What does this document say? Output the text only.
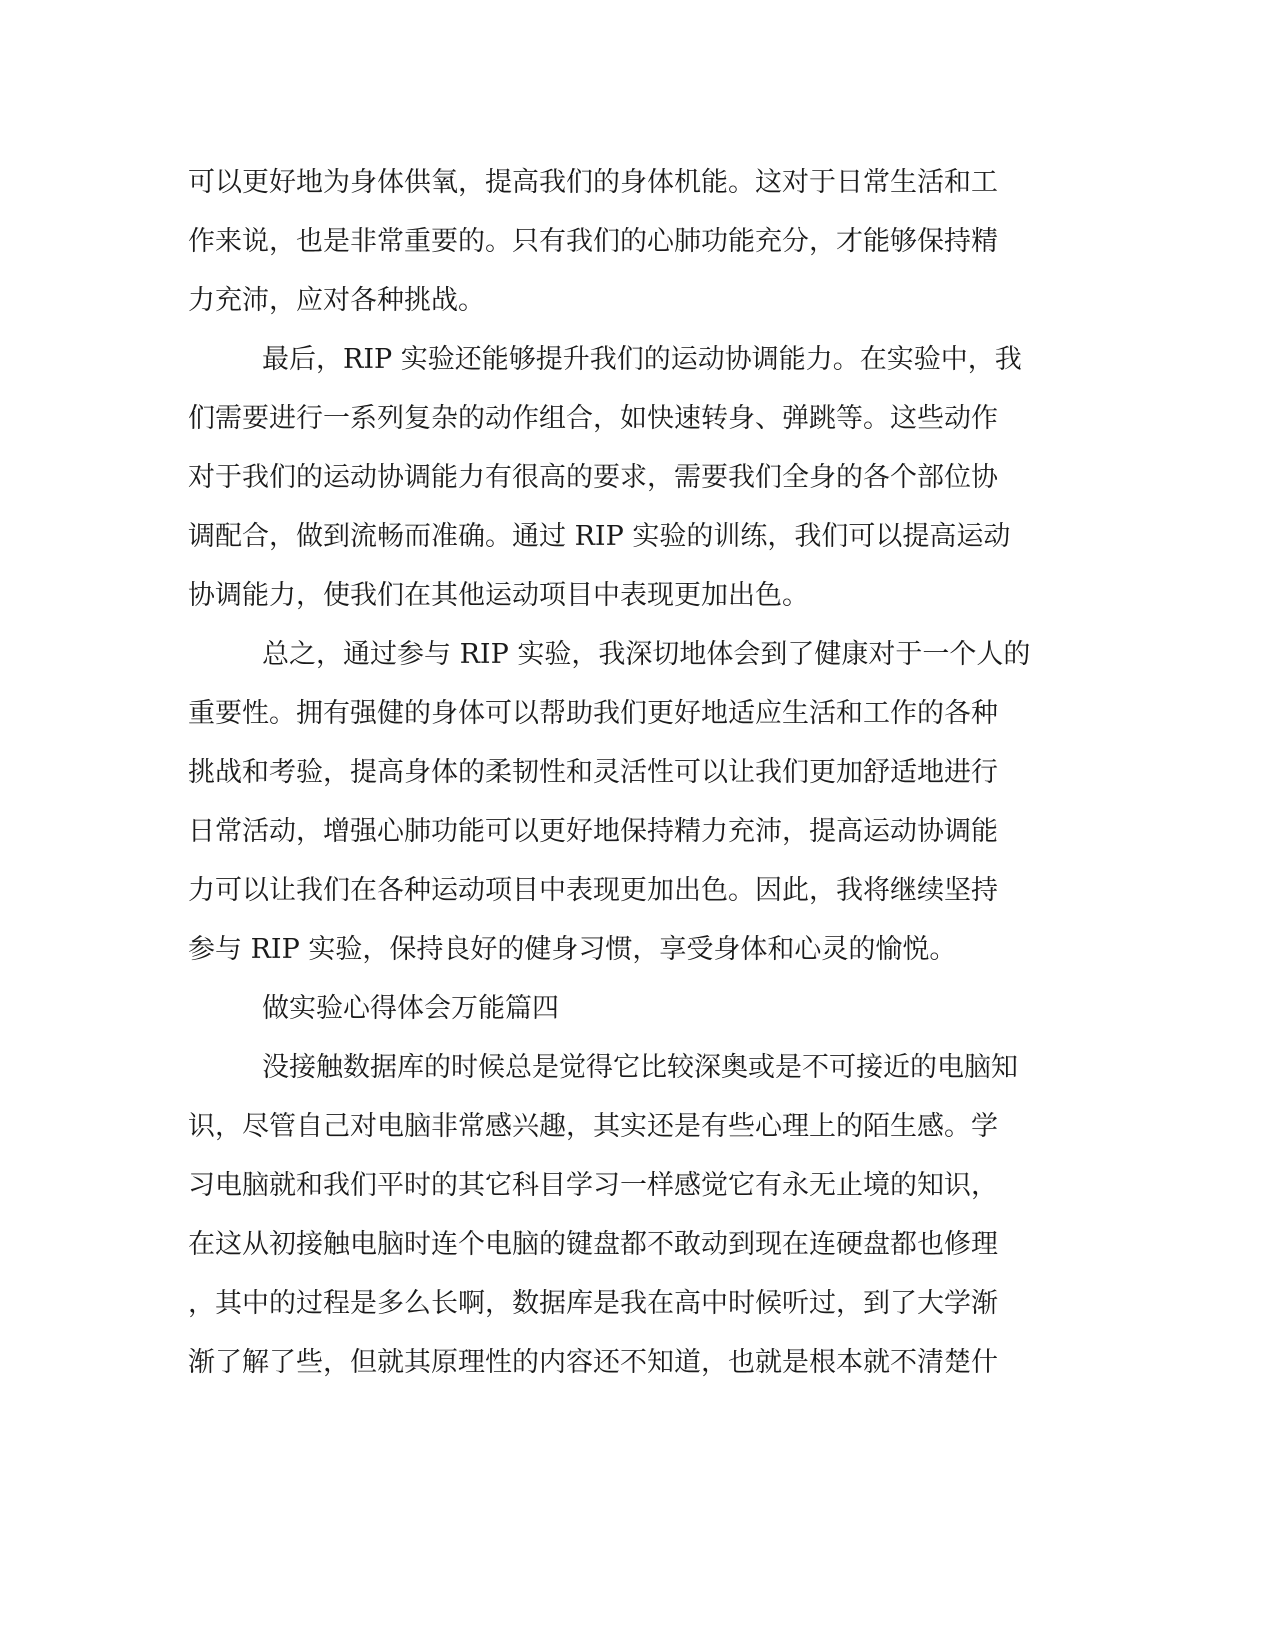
可以更好地为身体供氧，提高我们的身体机能。这对于日常生活和工
作来说，也是非常重要的。只有我们的心肺功能充分，才能够保持精
力充沛，应对各种挑战。
最后，RIP 实验还能够提升我们的运动协调能力。在实验中，我
们需要进行一系列复杂的动作组合，如快速转身、弹跳等。这些动作
对于我们的运动协调能力有很高的要求，需要我们全身的各个部位协
调配合，做到流畅而准确。通过 RIP 实验的训练，我们可以提高运动
协调能力，使我们在其他运动项目中表现更加出色。
总之，通过参与 RIP 实验，我深切地体会到了健康对于一个人的
重要性。拥有强健的身体可以帮助我们更好地适应生活和工作的各种
挑战和考验，提高身体的柔韧性和灵活性可以让我们更加舒适地进行
日常活动，增强心肺功能可以更好地保持精力充沛，提高运动协调能
力可以让我们在各种运动项目中表现更加出色。因此，我将继续坚持
参与 RIP 实验，保持良好的健身习惯，享受身体和心灵的愉悦。
做实验心得体会万能篇四
没接触数据库的时候总是觉得它比较深奥或是不可接近的电脑知
识，尽管自己对电脑非常感兴趣，其实还是有些心理上的陌生感。学
习电脑就和我们平时的其它科目学习一样感觉它有永无止境的知识，
在这从初接触电脑时连个电脑的键盘都不敢动到现在连硬盘都也修理
，其中的过程是多么长啊，数据库是我在高中时候听过，到了大学渐
渐了解了些，但就其原理性的内容还不知道，也就是根本就不清楚什
